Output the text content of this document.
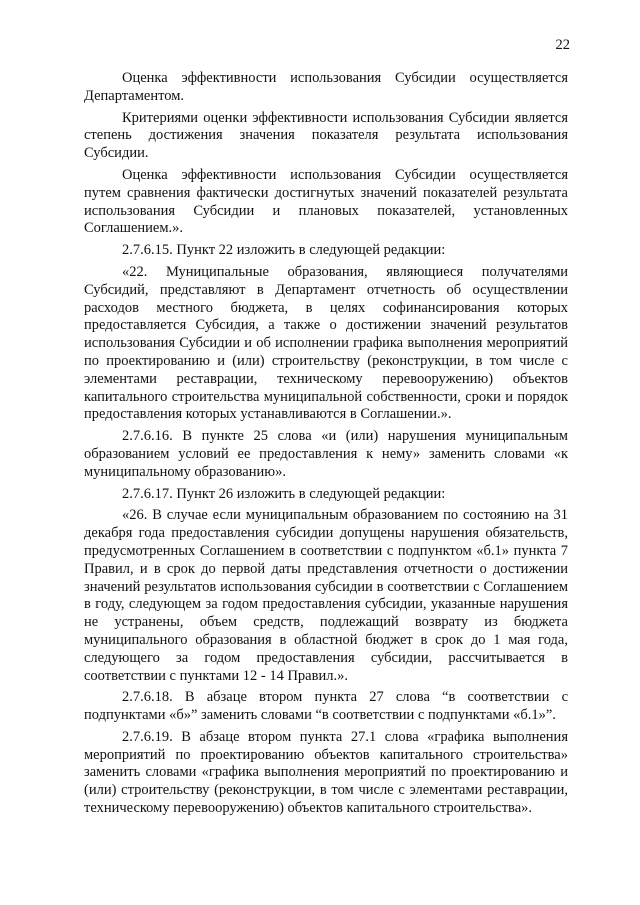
22

Оценка эффективности использования Субсидии осуществляется Департаментом.

Критериями оценки эффективности использования Субсидии является степень достижения значения показателя результата использования Субсидии.

Оценка эффективности использования Субсидии осуществляется путем сравнения фактически достигнутых значений показателей результата использования Субсидии и плановых показателей, установленных Соглашением.».

2.7.6.15. Пункт 22 изложить в следующей редакции:

«22. Муниципальные образования, являющиеся получателями Субсидий, представляют в Департамент отчетность об осуществлении расходов местного бюджета, в целях софинансирования которых предоставляется Субсидия, а также о достижении значений результатов использования Субсидии и об исполнении графика выполнения мероприятий по проектированию и (или) строительству (реконструкции, в том числе с элементами реставрации, техническому перевооружению) объектов капитального строительства муниципальной собственности, сроки и порядок предоставления которых устанавливаются в Соглашении.».

2.7.6.16. В пункте 25 слова «и (или) нарушения муниципальным образованием условий ее предоставления к нему» заменить словами «к муниципальному образованию».

2.7.6.17. Пункт 26 изложить в следующей редакции:

«26. В случае если муниципальным образованием по состоянию на 31 декабря года предоставления субсидии допущены нарушения обязательств, предусмотренных Соглашением в соответствии с подпунктом «б.1» пункта 7 Правил, и в срок до первой даты представления отчетности о достижении значений результатов использования субсидии в соответствии с Соглашением в году, следующем за годом предоставления субсидии, указанные нарушения не устранены, объем средств, подлежащий возврату из бюджета муниципального образования в областной бюджет в срок до 1 мая года, следующего за годом предоставления субсидии, рассчитывается в соответствии с пунктами 12 - 14 Правил.».

2.7.6.18. В абзаце втором пункта 27 слова “в соответствии с подпунктами «б»” заменить словами “в соответствии с подпунктами «б.1»”.

2.7.6.19. В абзаце втором пункта 27.1 слова «графика выполнения мероприятий по проектированию объектов капитального строительства» заменить словами «графика выполнения мероприятий по проектированию и (или) строительству (реконструкции, в том числе с элементами реставрации, техническому перевооружению) объектов капитального строительства».
